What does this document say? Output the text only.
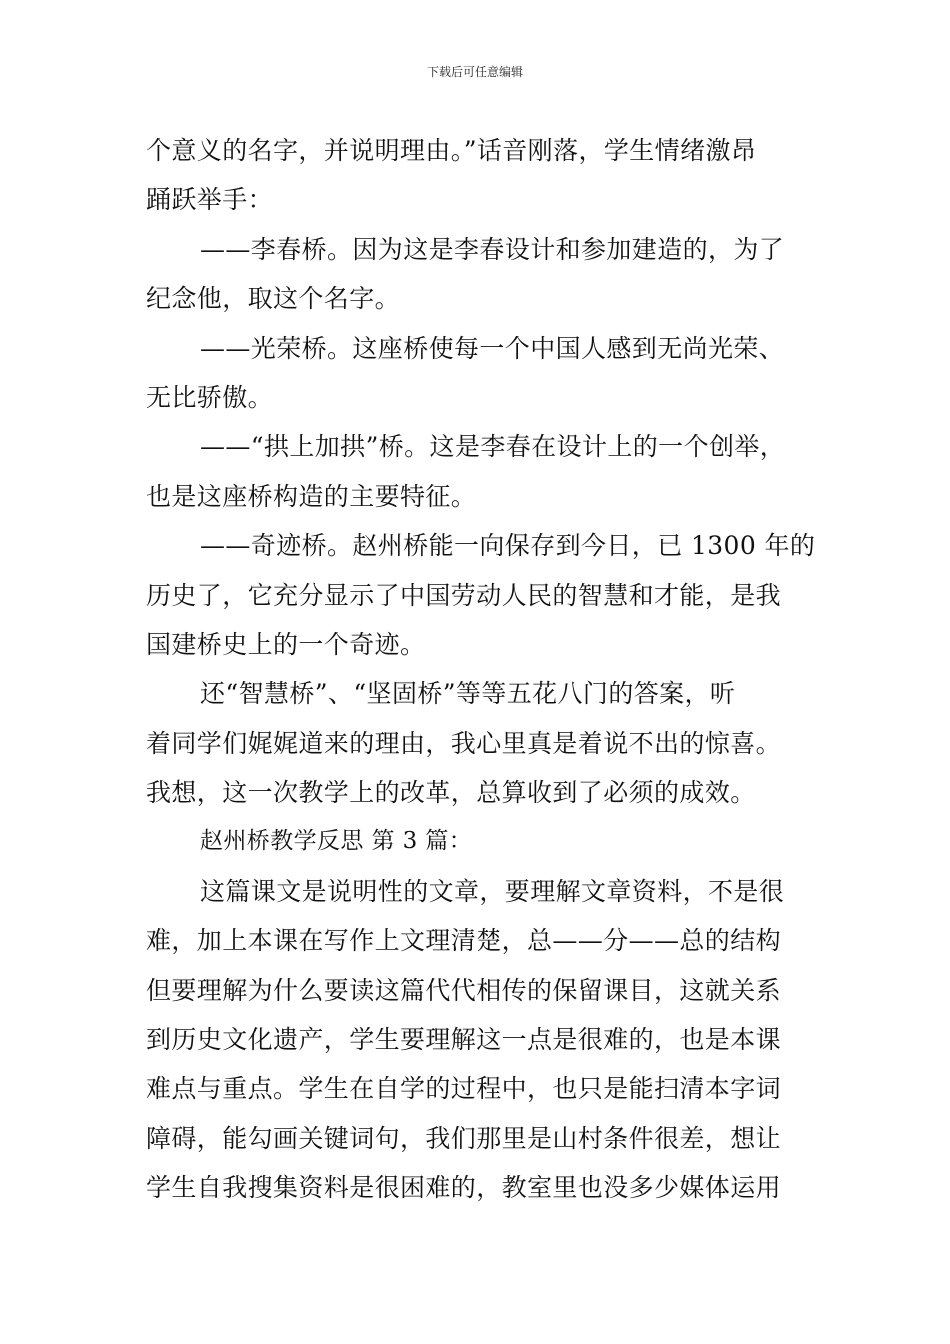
下载后可任意编辑
个意义的名字，并说明理由。”话音刚落，学生情绪激昂
踊跃举手：
——李春桥。因为这是李春设计和参加建造的，为了
纪念他，取这个名字。
——光荣桥。这座桥使每一个中国人感到无尚光荣、
无比骄傲。
——“拱上加拱”桥。这是李春在设计上的一个创举，
也是这座桥构造的主要特征。
——奇迹桥。赵州桥能一向保存到今日，已 1300 年的
历史了，它充分显示了中国劳动人民的智慧和才能，是我
国建桥史上的一个奇迹。
还“智慧桥”、“坚固桥”等等五花八门的答案，听
着同学们娓娓道来的理由，我心里真是着说不出的惊喜。
我想，这一次教学上的改革，总算收到了必须的成效。
赵州桥教学反思 第 3 篇：
这篇课文是说明性的文章，要理解文章资料，不是很
难，加上本课在写作上文理清楚，总——分——总的结构
但要理解为什么要读这篇代代相传的保留课目，这就关系
到历史文化遗产，学生要理解这一点是很难的，也是本课
难点与重点。学生在自学的过程中，也只是能扫清本字词
障碍，能勾画关键词句，我们那里是山村条件很差，想让
学生自我搜集资料是很困难的，教室里也没多少媒体运用
